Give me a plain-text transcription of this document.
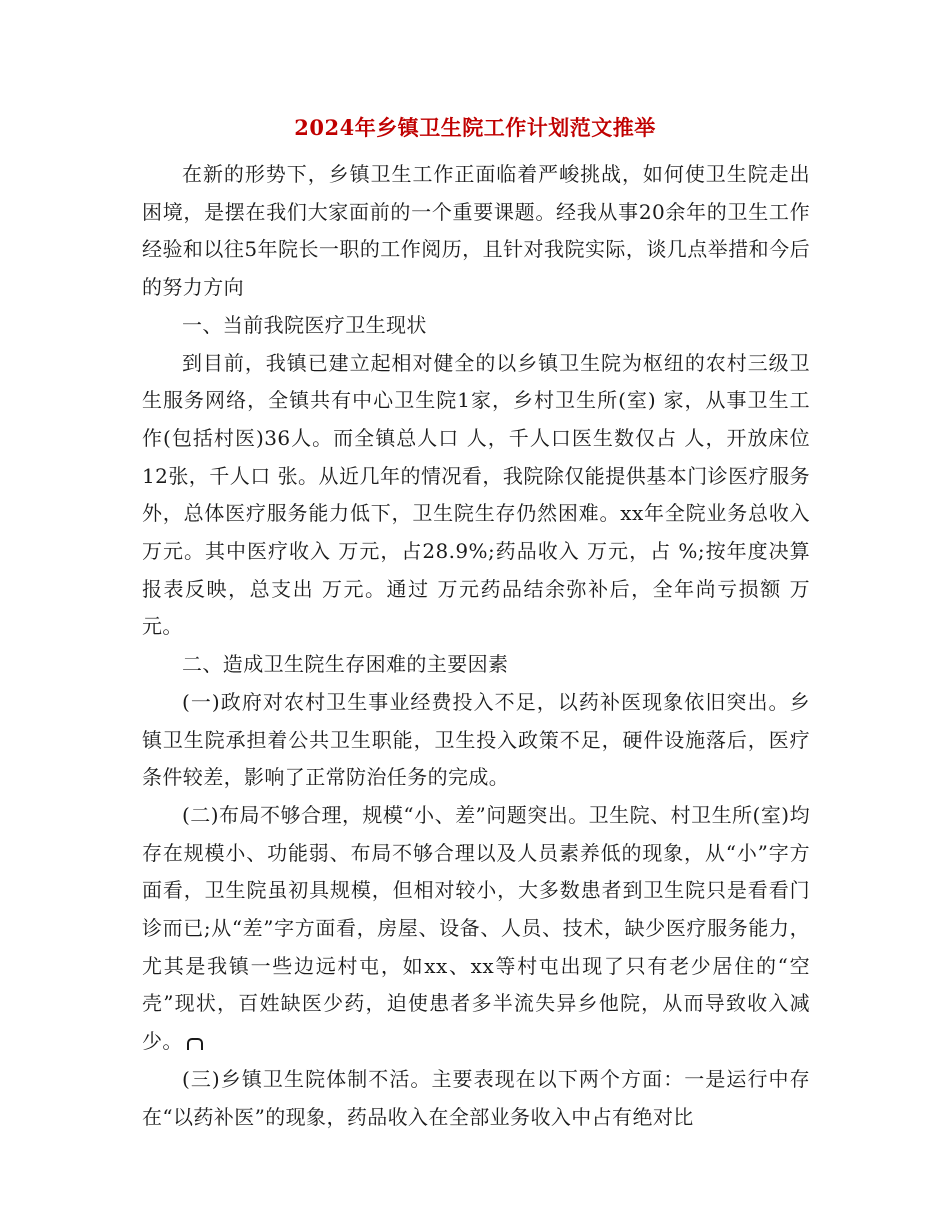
2024年乡镇卫生院工作计划范文推举

在新的形势下，乡镇卫生工作正面临着严峻挑战，如何使卫生院走出困境，是摆在我们大家面前的一个重要课题。经我从事20余年的卫生工作经验和以往5年院长一职的工作阅历，且针对我院实际，谈几点举措和今后的努力方向

一、当前我院医疗卫生现状

到目前，我镇已建立起相对健全的以乡镇卫生院为枢纽的农村三级卫生服务网络，全镇共有中心卫生院1家，乡村卫生所(室) 家，从事卫生工作(包括村医)36人。而全镇总人口 人，千人口医生数仅占 人，开放床位12张，千人口 张。从近几年的情况看，我院除仅能提供基本门诊医疗服务外，总体医疗服务能力低下，卫生院生存仍然困难。xx年全院业务总收入 万元。其中医疗收入 万元，占28.9%;药品收入 万元，占 %;按年度决算报表反映，总支出 万元。通过 万元药品结余弥补后，全年尚亏损额 万元。

二、造成卫生院生存困难的主要因素

(一)政府对农村卫生事业经费投入不足，以药补医现象依旧突出。乡镇卫生院承担着公共卫生职能，卫生投入政策不足，硬件设施落后，医疗条件较差，影响了正常防治任务的完成。

(二)布局不够合理，规模“小、差”问题突出。卫生院、村卫生所(室)均存在规模小、功能弱、布局不够合理以及人员素养低的现象，从“小”字方面看，卫生院虽初具规模，但相对较小，大多数患者到卫生院只是看看门诊而已;从“差”字方面看，房屋、设备、人员、技术，缺少医疗服务能力，尤其是我镇一些边远村屯，如xx、xx等村屯出现了只有老少居住的“空壳”现状，百姓缺医少药，迫使患者多半流失异乡他院，从而导致收入减少。

(三)乡镇卫生院体制不活。主要表现在以下两个方面：一是运行中存在“以药补医”的现象，药品收入在全部业务收入中占有绝对比
